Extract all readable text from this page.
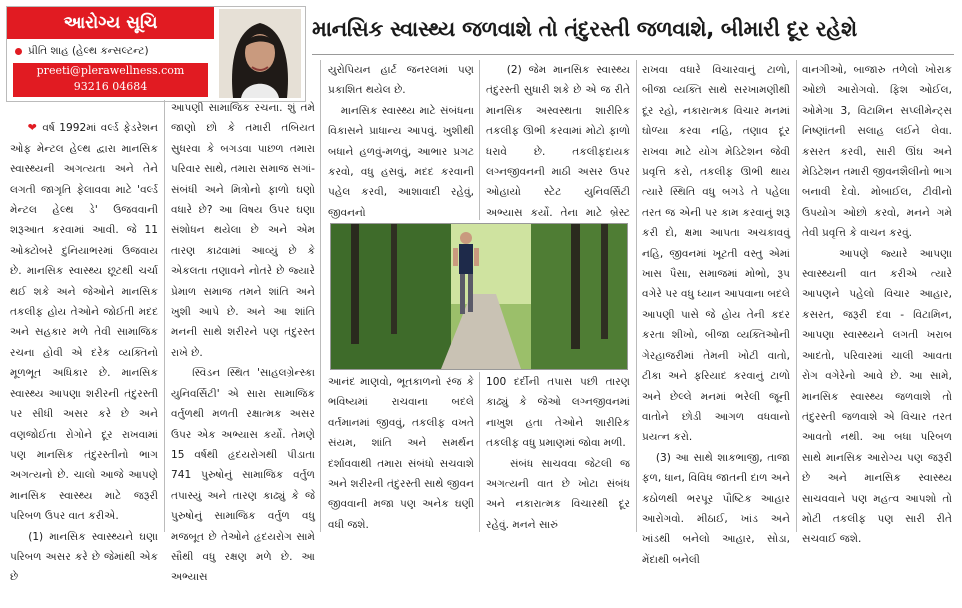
આરોગ્ય સૂચિ
પ્રીતિ શાહ (હેલ્થ કન્સલ્ટન્ટ)
preeti@plerawellness.com
93216 04684
માનસિક સ્વાસ્થ્ય જળવાશે તો તંદુરસ્તી જળવાશે, બીમારી દૂર રહેશે

❤ વર્ષ 1992માં વર્લ્ડ ફેડરેશન ઓફ મેન્ટલ હેલ્થ દ્વારા માનસિક સ્વાસ્થ્યની અગત્યતા અને તેને લગતી જાગૃતિ ફેલાવવા માટે 'વર્લ્ડ મેન્ટલ હેલ્થ ડે' ઉજવવાની શરૂઆત કરવામાં આવી. જે 11 ઓક્ટોબરે દુનિયાભરમાં ઉજવાય છે. માનસિક સ્વાસ્થ્ય છૂટથી ચર્ચા થઈ શકે અને જેઓને માનસિક તકલીફ હોય તેઓને જોઈતી મદદ અને સહકાર મળે તેવી સામાજિક રચના હોવી એ દરેક વ્યક્તિનો મૂળભૂત અધિકાર છે. માનસિક સ્વાસ્થ્ય આપણા શરીરની તંદુરસ્તી પર સીધી અસર કરે છે અને વણજોઈતા રોગોને દૂર રાખવામાં પણ માનસિક તંદુરસ્તીનો ભાગ અગત્યનો છે. ચાલો આજે આપણે માનસિક સ્વાસ્થ્ય માટે જરૂરી પરિબળ ઉપર વાત કરીએ.
(1) માનસિક સ્વાસ્થ્યને ઘણા પરિબળ અસર કરે છે જેમાંથી એક છે

આપણી સામાજિક રચના. શું તમે જાણો છો કે તમારી તબિયત સુધરવા કે બગડવા પાછળ તમારા પરિવાર સાથે, તમારા સમાજ સગાં-સંબંધી અને મિત્રોનો ફાળો ઘણો વધારે છે? આ વિષય ઉપર ઘણા સંશોધન થયેલા છે અને એમ તારણ કાઢવામાં આવ્યું છે કે એકલતા તણાવને નોતરે છે જ્યારે પ્રેમાળ સમાજ તમને શાંતિ અને ખુશી આપે છે. અને આ શાંતિ મનની સાથે શરીરને પણ તંદુરસ્ત રાખે છે.
સ્વિડન સ્થિત 'સાહલગ્રેન્સ્કા યુનિવર્સિટી' એ સારા સામાજિક વર્તુળથી મળતી રક્ષાત્મક અસર ઉપર એક અભ્યાસ કર્યો. તેમણે 15 વર્ષથી હૃદયરોગથી પીડાતા 741 પુરુષોનું સામાજિક વર્તુળ તપાસ્યું અને તારણ કાઢ્યું કે જે પુરુષોનું સામાજિક વર્તુળ વધુ મજબૂત છે તેઓને હૃદયરોગ સામે સૌથી વધુ રક્ષણ મળે છે. આ અભ્યાસ
યુરોપિયન હાર્ટ જનરલમાં પણ પ્રકાશિત થયેલ છે.
માનસિક સ્વાસ્થ્ય માટે સંબંધના વિકાસને પ્રાધાન્ય આપવું. ખુશીથી બધાને હળવું-મળવું, આભાર પ્રગટ કરવો, વધુ હસવું, મદદ કરવાની પહેલ કરવી, આશાવાદી રહેવું, જીવનનો
(2) જેમ માનસિક સ્વાસ્થ્ય તંદુરસ્તી સુધારી શકે છે એ જ રીતે માનસિક અસ્વસ્થતા શારીરિક તકલીફ ઊભી કરવામાં મોટો ફાળો ધરાવે છે. તકલીફદાયક લગ્નજીવનની માઠી અસર ઉપર ઓહાયો સ્ટેટ યુનિવર્સિટી અભ્યાસ કર્યો. તેના માટે બ્રેસ્ટ
આનંદ માણવો, ભૂતકાળનો રંજ કે ભવિષ્યમાં રાચવાના બદલે વર્તમાનમાં જીવવું, તકલીફ વખતે સંયમ, શાંતિ અને સમર્થન દર્શાવવાથી તમારા સંબંધો સચવાશે અને શરીરની તંદુરસ્તી સાથે જીવન જીવવાની મજા પણ અનેક ઘણી વધી જશે.
100 દર્દીની તપાસ પછી તારણ કાઢ્યું કે જેઓ લગ્નજીવનમાં નાખુશ હતા તેઓને શારીરિક તકલીફ વધુ પ્રમાણમાં જોવા મળી.
સંબંધ સાચવવા જેટલી જ અગત્યની વાત છે ખોટા સંબંધ અને નકારાત્મક વિચારથી દૂર રહેવું. મનને સારું
રાખવા વધારે વિચારવાનું ટાળો, બીજા વ્યક્તિ સાથે સરખામણીથી દૂર રહો, નકારાત્મક વિચાર મનમાં ઘોળ્યા કરવા નહિ, તણાવ દૂર રાખવા માટે યોગ મેડિટેશન જેવી પ્રવૃત્તિ કરો, તકલીફ ઊભી થાય ત્યારે સ્થિતિ વધુ બગડે તે પહેલા તરત જ એની પર કામ કરવાનું શરૂ કરી દો, ક્ષમા આપતા અચકાવવું નહિ, જીવનમાં ખૂટતી વસ્તુ એમાં ખાસ પૈસા, સમાજમાં મોભો, રૂપ વગેરે પર વધુ ધ્યાન આપવાના બદલે આપણી પાસે જે હોય તેની કદર કરતા શીખો, બીજા વ્યક્તિઓની ગેરહાજરીમાં તેમની ખોટી વાતો, ટીકા અને ફરિયાદ કરવાનું ટાળો અને છેલ્લે મનમાં ભરેલી જૂની વાતોને છોડી આગળ વધવાનો પ્રયત્ન કરો.
(3) આ સાથે શાકભાજી, તાજા ફળ, ધાન, વિવિધ જાતની દાળ અને કઠોળથી ભરપૂર પૌષ્ટિક આહાર આરોગવો. મીઠાઈ, ખાંડ અને ખાંડથી બનેલો આહાર, સોડા, મેંદાથી બનેલી
વાનગીઓ, બાજારુ તળેલો ખોરાક ઓછો આરોગવો. ફિશ ઓઈલ, ઓમેગા 3, વિટામિન સપ્લીમેન્ટ્સ નિષ્ણાંતની સલાહ લઈને લેવા. કસરત કરવી, સારી ઊંઘ અને મેડિટેશન તમારી જીવનશૈલીનો ભાગ બનાવી દેવો. મોબાઈલ, ટીવીનો ઉપયોગ ઓછો કરવો, મનને ગમે તેવી પ્રવૃત્તિ કે વાચન કરવું.
આપણે જ્યારે આપણા સ્વાસ્થ્યની વાત કરીએ ત્યારે આપણને પહેલો વિચાર આહાર, કસરત, જરૂરી દવા - વિટામિન, આપણા સ્વાસ્થ્યને લગતી ખરાબ આદતો, પરિવારમાં ચાલી આવતા રોગ વગેરેનો આવે છે. આ સામે, માનસિક સ્વાસ્થ્ય જળવાશે તો તંદુરસ્તી જળવાશે એ વિચાર તરત આવતો નથી. આ બધા પરિબળ સાથે માનસિક આરોગ્ય પણ જરૂરી છે અને માનસિક સ્વાસ્થ્ય સાચવવાને પણ મહત્વ આપશો તો મોટી તકલીફ પણ સારી રીતે સચવાઈ જશે.
